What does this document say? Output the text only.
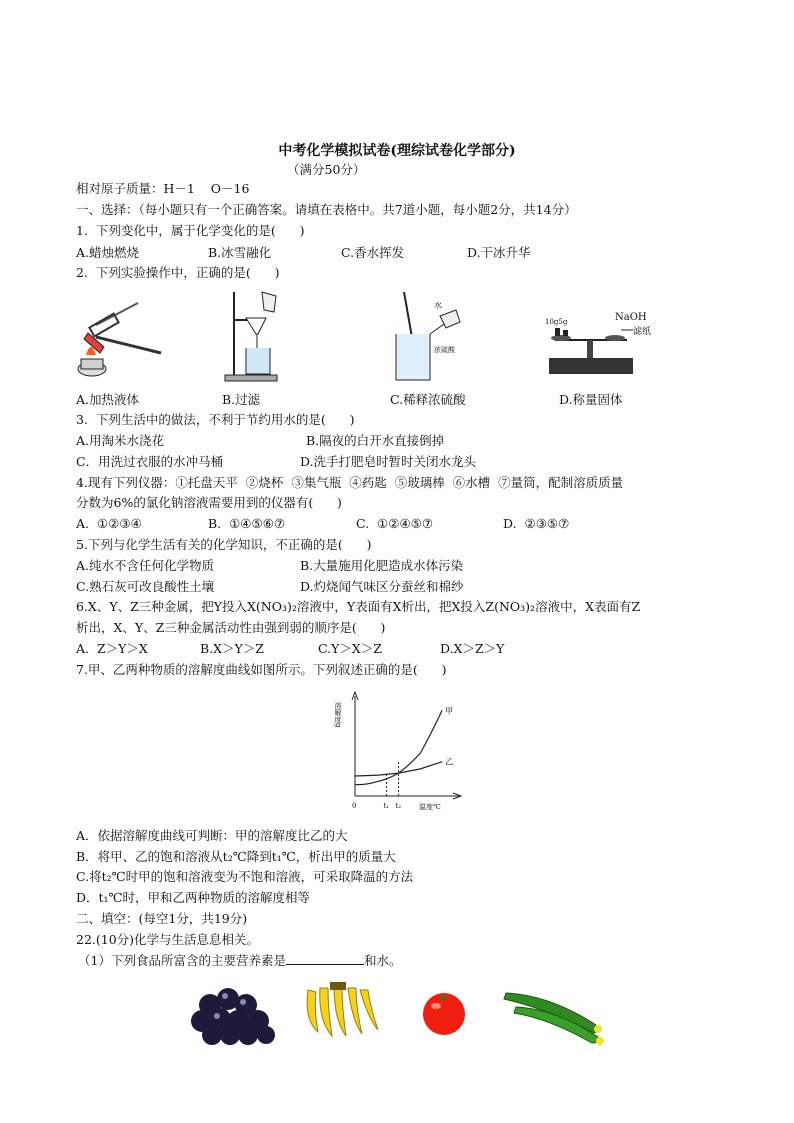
中考化学模拟试卷(理综试卷化学部分)
（满分50分）
相对原子质量：H－1    O－16
一、选择：（每小题只有一个正确答案。请填在表格中。共7道小题，每小题2分，共14分）
1.  下列变化中，属于化学变化的是(      )
A.蜡烛燃烧	B.冰雪融化	C.香水挥发	D.干冰升华
2.  下列实验操作中，正确的是(      )
A.加热液体	B.过滤
水
浓硫酸
C.稀释浓硫酸
10g5g	NaOH
滤纸
D.称量固体
3.  下列生活中的做法，不利于节约用水的是(      )
A.用淘米水浇花	B.隔夜的白开水直接倒掉
C．用洗过衣服的水冲马桶	D.洗手打肥皂时暂时关闭水龙头
4.现有下列仪器：①托盘天平  ②烧杯  ③集气瓶  ④药匙  ⑤玻璃棒  ⑥水槽  ⑦量筒，配制溶质质量
分数为6%的氯化钠溶液需要用到的仪器有(      )
A.  ①②③④	B.  ①④⑤⑥⑦	C.  ①②④⑤⑦	D.  ②③⑤⑦
5.下列与化学生活有关的化学知识，不正确的是(      )
A.纯水不含任何化学物质	B.大量施用化肥造成水体污染
C.熟石灰可改良酸性土壤	D.灼烧闻气味区分蚕丝和棉纱
6.X、Y、Z三种金属，把Y投入X(NO₃)₂溶液中，Y表面有X析出，把X投入Z(NO₃)₂溶液中，X表面有Z
析出，X、Y、Z三种金属活动性由强到弱的顺序是(      )
A.  Z＞Y＞X	B.X＞Y＞Z	C.Y＞X＞Z	D.X＞Z＞Y
7.甲、乙两种物质的溶解度曲线如图所示。下列叙述正确的是(      )
溶解度g
0	温度℃
甲
乙
t₁ t₂
A．依据溶解度曲线可判断：甲的溶解度比乙的大
B．将甲、乙的饱和溶液从t₂℃降到t₁℃，析出甲的质量大
C.将t₂℃时甲的饱和溶液变为不饱和溶液，可采取降温的方法
D．t₁℃时，甲和乙两种物质的溶解度相等
二、填空：(每空1分，共19分)
22.(10分)化学与生活息息相关。
（1）下列食品所富含的主要营养素是	和水。
